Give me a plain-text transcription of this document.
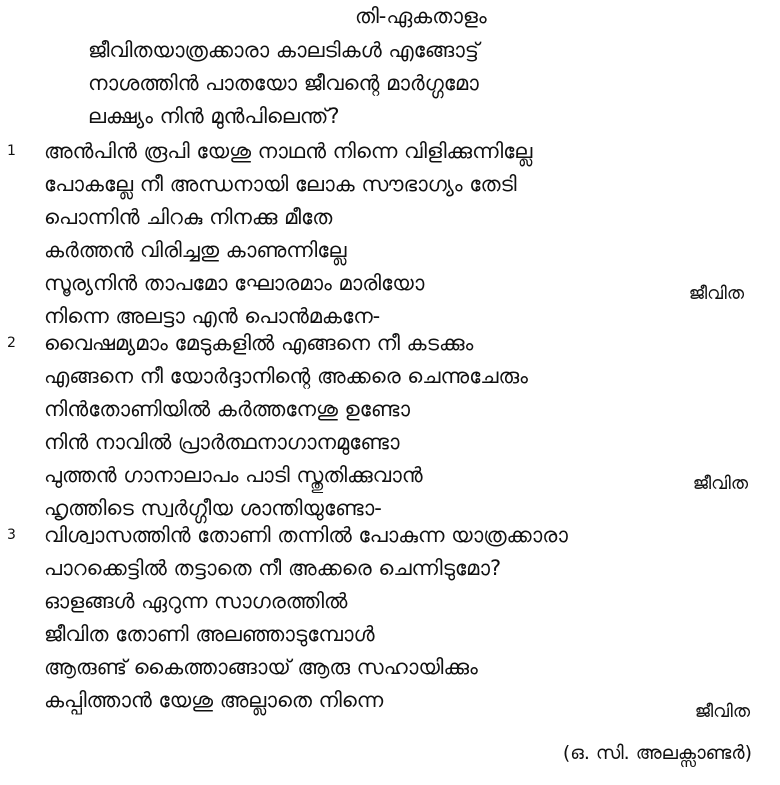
തി-ഏകതാളം
ജീവിതയാത്രക്കാരാ കാലടികൾ എങ്ങോട്ട്
നാശത്തിൻ പാതയോ ജീവന്റെ മാർഗ്ഗമോ
ലക്ഷ്യം നിൻ മുൻപിലെന്ത്?
1 അൻപിൻ രൂപി യേശു നാഥൻ നിന്നെ വിളിക്കുന്നില്ലേ
പോകല്ലേ നീ അന്ധനായി ലോക സൗഭാഗ്യം തേടി
പൊന്നിൻ ചിറകു നിനക്കു മീതേ
കർത്തൻ വിരിച്ചതു കാണുന്നില്ലേ
സൂര്യനിൻ താപമോ ഘോരമാം മാരിയോ
നിന്നെ അലട്ടാ എൻ പൊൻമകനേ-
ജീവിത
2 വൈഷമ്യമാം മേടുകളിൽ എങ്ങനെ നീ കടക്കും
എങ്ങനെ നീ യോർദ്ദാനിന്റെ അക്കരെ ചെന്നുചേരും
നിൻതോണിയിൽ കർത്തനേശു ഉണ്ടോ
നിൻ നാവിൽ പ്രാർത്ഥനാഗാനമുണ്ടോ
പുത്തൻ ഗാനാലാപം പാടി സ്തുതിക്കുവാൻ
ഹൃത്തിടെ സ്വർഗ്ഗീയ ശാന്തിയുണ്ടോ-
ജീവിത
3 വിശ്വാസത്തിൻ തോണി തന്നിൽ പോകുന്ന യാത്രക്കാരാ
പാറക്കെട്ടിൽ തട്ടാതെ നീ അക്കരെ ചെന്നിടുമോ?
ഓളങ്ങൾ ഏറുന്ന സാഗരത്തിൽ
ജീവിത തോണി അലഞ്ഞാടുമ്പോൾ
ആരുണ്ട് കൈത്താങ്ങായ് ആരു സഹായിക്കും
കപ്പിത്താൻ യേശു അല്ലാതെ നിന്നെ	ജീവിത
(ഒ. സി. അലക്സാണ്ടർ)
